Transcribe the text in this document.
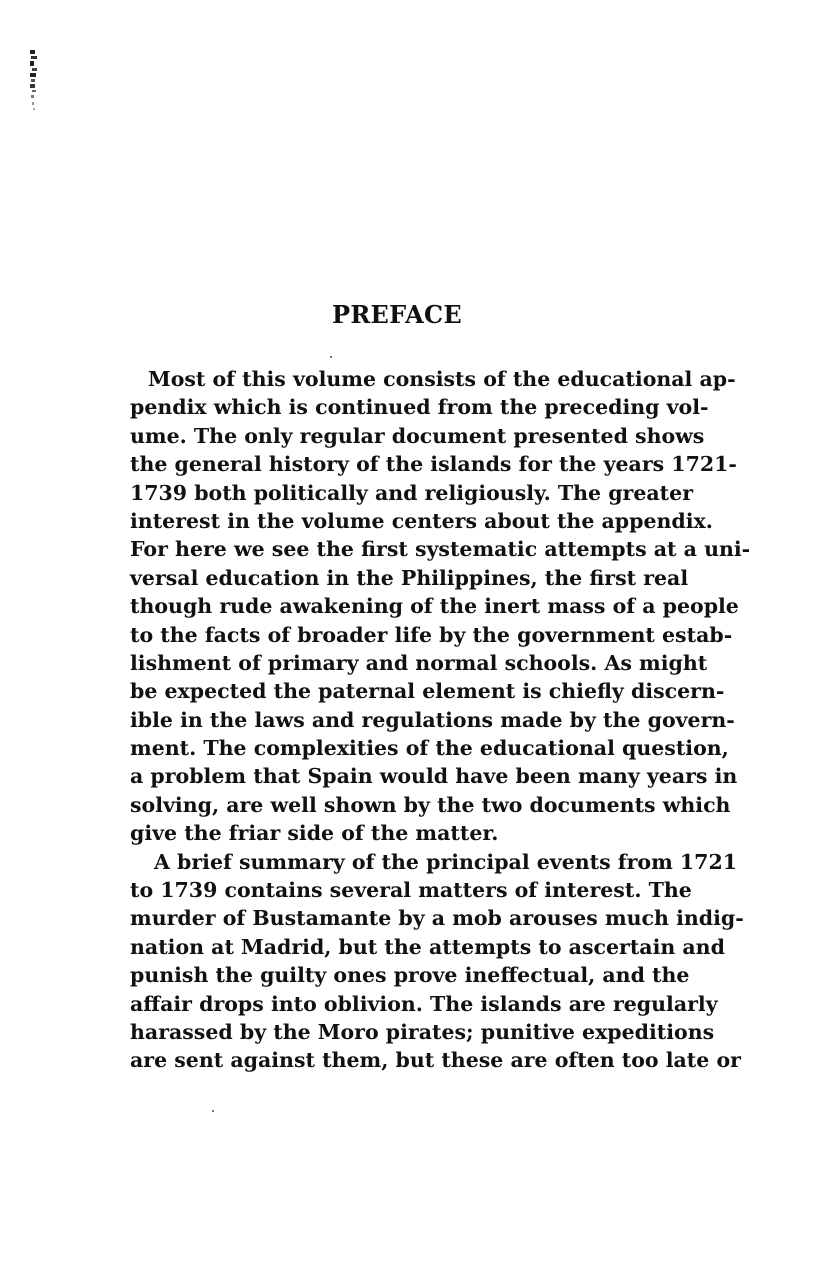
PREFACE
Most of this volume consists of the educational ap-
pendix which is continued from the preceding vol-
ume. The only regular document presented shows
the general history of the islands for the years 1721-
1739 both politically and religiously. The greater
interest in the volume centers about the appendix.
For here we see the first systematic attempts at a uni-
versal education in the Philippines, the first real
though rude awakening of the inert mass of a people
to the facts of broader life by the government estab-
lishment of primary and normal schools. As might
be expected the paternal element is chiefly discern-
ible in the laws and regulations made by the govern-
ment. The complexities of the educational question,
a problem that Spain would have been many years in
solving, are well shown by the two documents which
give the friar side of the matter.
A brief summary of the principal events from 1721
to 1739 contains several matters of interest. The
murder of Bustamante by a mob arouses much indig-
nation at Madrid, but the attempts to ascertain and
punish the guilty ones prove ineffectual, and the
affair drops into oblivion. The islands are regularly
harassed by the Moro pirates; punitive expeditions
are sent against them, but these are often too late or
